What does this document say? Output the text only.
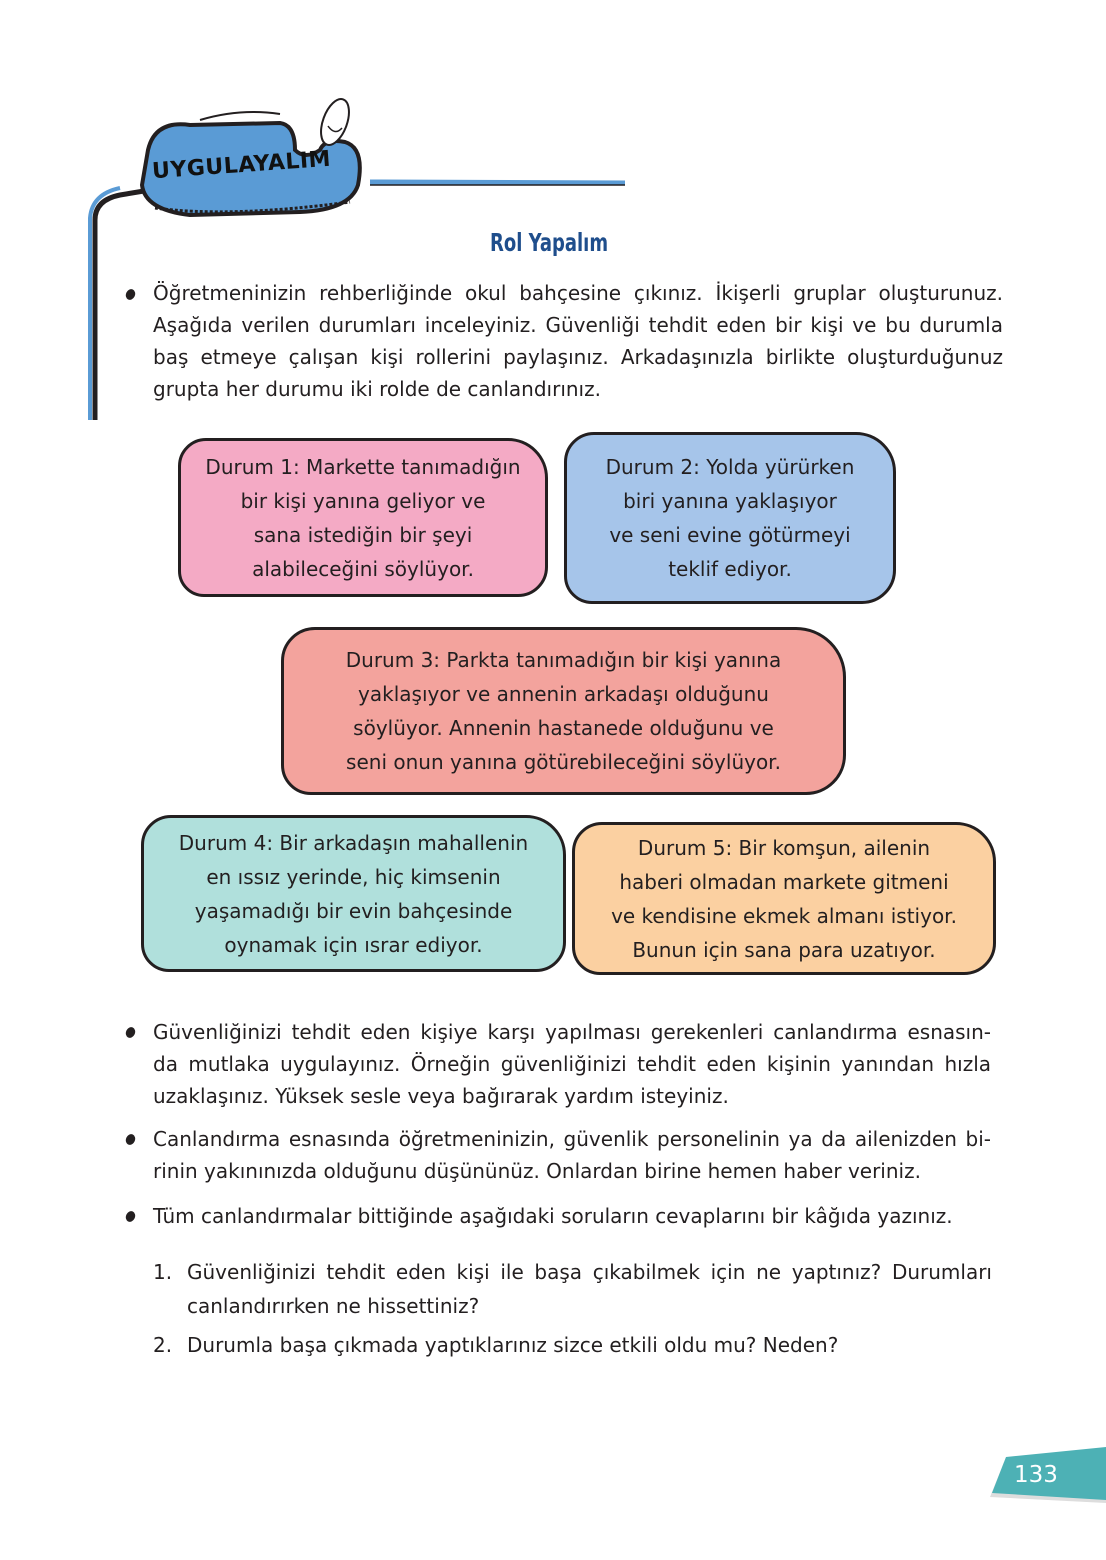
UYGULAYALIM
Rol Yapalım
Öğretmeninizin rehberliğinde okul bahçesine çıkınız. İkişerli gruplar oluşturunuz.
Aşağıda verilen durumları inceleyiniz. Güvenliği tehdit eden bir kişi ve bu durumla
baş etmeye çalışan kişi rollerini paylaşınız. Arkadaşınızla birlikte oluşturduğunuz
grupta her durumu iki rolde de canlandırınız.
Durum 1: Markette tanımadığın
bir kişi yanına geliyor ve
sana istediğin bir şeyi
alabileceğini söylüyor.
Durum 2: Yolda yürürken
biri yanına yaklaşıyor
ve seni evine götürmeyi
teklif ediyor.
Durum 3: Parkta tanımadığın bir kişi yanına
yaklaşıyor ve annenin arkadaşı olduğunu
söylüyor. Annenin hastanede olduğunu ve
seni onun yanına götürebileceğini söylüyor.
Durum 4: Bir arkadaşın mahallenin
en ıssız yerinde, hiç kimsenin
yaşamadığı bir evin bahçesinde
oynamak için ısrar ediyor.
Durum 5: Bir komşun, ailenin
haberi olmadan markete gitmeni
ve kendisine ekmek almanı istiyor.
Bunun için sana para uzatıyor.
Güvenliğinizi tehdit eden kişiye karşı yapılması gerekenleri canlandırma esnasın-
da mutlaka uygulayınız. Örneğin güvenliğinizi tehdit eden kişinin yanından hızla
uzaklaşınız. Yüksek sesle veya bağırarak yardım isteyiniz.
Canlandırma esnasında öğretmeninizin, güvenlik personelinin ya da ailenizden bi-
rinin yakınınızda olduğunu düşününüz. Onlardan birine hemen haber veriniz.
Tüm canlandırmalar bittiğinde aşağıdaki soruların cevaplarını bir kâğıda yazınız.
1. Güvenliğinizi tehdit eden kişi ile başa çıkabilmek için ne yaptınız? Durumları
canlandırırken ne hissettiniz?
2. Durumla başa çıkmada yaptıklarınız sizce etkili oldu mu? Neden?
133
